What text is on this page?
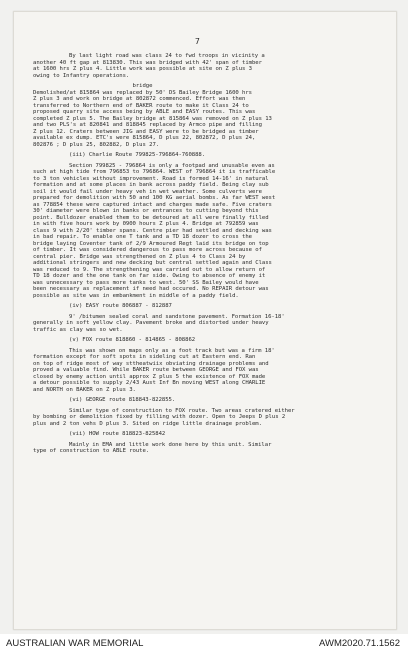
7
By last light road was class 24 to fwd troops in vicinity a
another 40 ft gap at 813830. This was bridged with 42' span of timber
at 1600 hrs Z plus 4. Little work was possible at site on Z plus 3
owing to Infantry operations.
bridge
Demolished/at 815864 was replaced by 50' DS Bailey Bridge 1600 hrs
Z plus 3 and work on bridge at 802872 commenced. Effort was then
transferred to Northern end of BAKER route to make it Class 24 to
proposed quarry site access being by ABLE and EASY routes. This was
completed Z plus 5. The Bailey bridge at 815864 was removed on Z plus 13
and two PLS's at 820841 and 818845 replaced by Armco pipe and filling
Z plus 12. Craters between JIG and EASY were to be bridged as timber
available ex dump. ETC's were 815864, D plus 22, 802872, D plus 24,
802876 ; D plus 25, 802882, D plus 27.
(iii) Charlie Route 799825-796864-760888.
Section 799825 - 796864 is only a footpad and unusable even as
such at high tide from 796853 to 796864. WEST of 796864 it is trafficable
to 3 ton vehicles without improvement. Road is formed 14-16' in natural
formation and at some places in bank across paddy field. Being clay sub
soil it would fail under heavy veh in wet weather. Some culverts were
prepared for demolition with 50 and 100 KG aerial bombs. As far WEST west
as 778854 these were captured intact and charges made safe. Five craters
30' diameter were blown in banks or entrances to cutting beyond this
point. Bulldozer enabled them to be detoured at all were finally filled
in with five hours work by 0900 hours Z plus 4. Bridge at 792859 was
class 9 with 2/20' timber spans. Centre pier had settled and decking was
in bad repair. To enable one T tank and a TD 18 dozer to cross the
bridge laying Coventer tank of 2/9 Armoured Regt laid its bridge on top
of timber. It was considered dangerous to pass more across because of
central pier. Bridge was strengthened on Z plus 4 to Class 24 by
additional stringers and new decking but central settled again and Class
was reduced to 9. The strengthening was carried out to allow return of
TD 18 dozer and the one tank on far side. Owing to absence of enemy it
was unnecessary to pass more tanks to west. 50' SS Bailey would have
been necessary as replacement if need had occured. No REPAIR detour was
possible as site was in embankment in middle of a paddy field.
(iv) EASY route 806887 - 812887
9' /bitumen sealed coral and sandstone pavement. Formation 16-18'
generally in soft yellow clay. Pavement broke and distorted under heavy
traffic as clay was so wet.
(v) FOX route 818860 - 814865 - 808862
This was shown on maps only as a foot track but was a firm 18'
formation except for soft spots in sideling cut at Eastern end. Ran
on top of ridge most of way sttheatwiix obviating drainage problems and
proved a valuable find. While BAKER route between GEORGE and FOX was
closed by enemy action until approx Z plus 5 the existence of FOX made
a detour possible to supply 2/43 Aust Inf Bn moving WEST along CHARLIE
and NORTH on BAKER on Z plus 3.
(vi) GEORGE route 818843-822855.
Similar type of construction to FOX route. Two areas cratered either
by bombing or demolition fixed by filling with dozer. Open to Jeeps D plus 2
plus and 2 ton vehs D plus 3. Sited on ridge little drainage problem.
(vii) HOW route 818823-825842
Mainly in EMA and little work done here by this unit. Similar
type of construction to ABLE route.
AUSTRALIAN WAR MEMORIAL	AWM2020.71.1562
